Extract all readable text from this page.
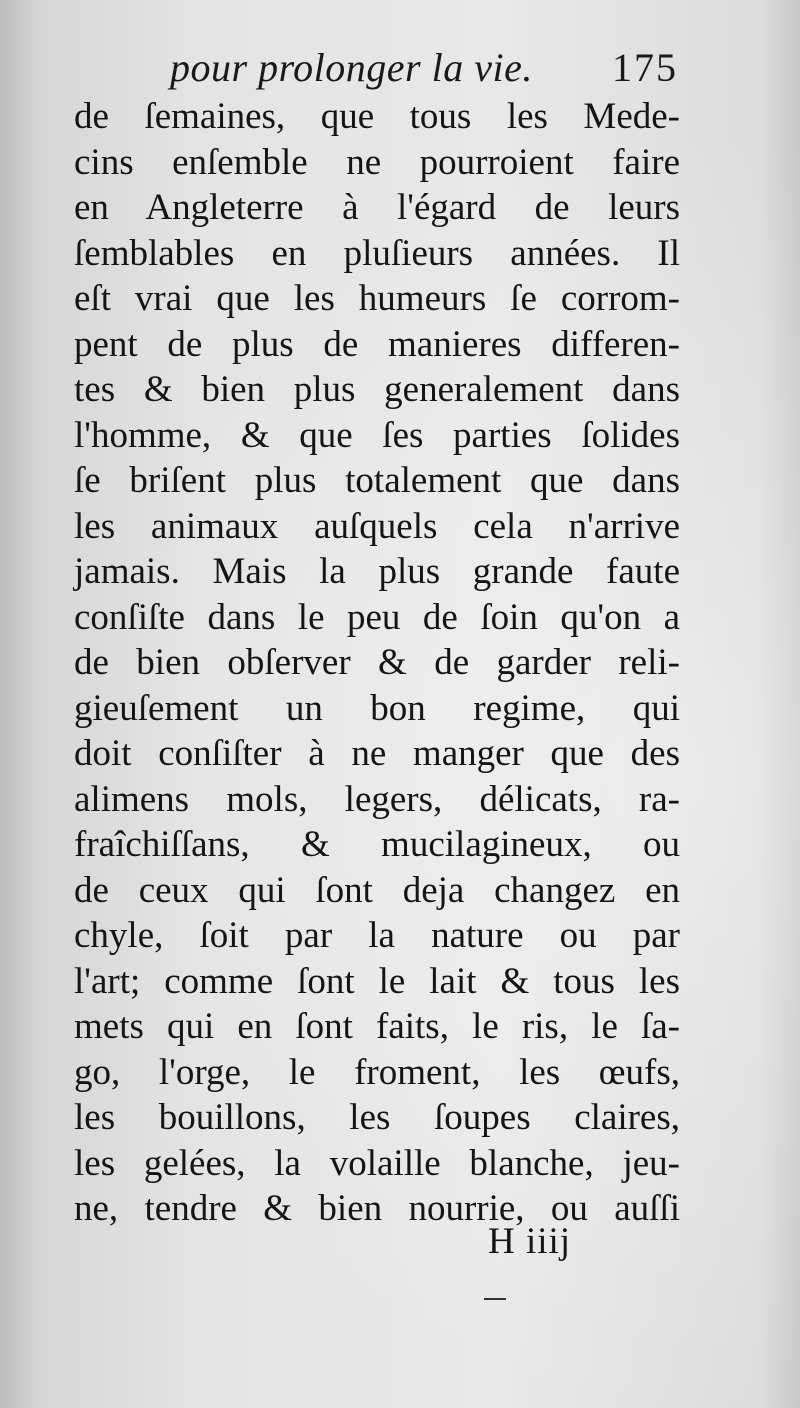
pour prolonger la vie. 175
de ſemaines, que tous les Mede-
cins enſemble ne pourroient faire
en Angleterre à l'égard de leurs
ſemblables en pluſieurs années. Il
eſt vrai que les humeurs ſe corrom-
pent de plus de manieres differen-
tes & bien plus generalement dans
l'homme, & que ſes parties ſolides
ſe briſent plus totalement que dans
les animaux auſquels cela n'arrive
jamais. Mais la plus grande faute
conſiſte dans le peu de ſoin qu'on a
de bien obſerver & de garder reli-
gieuſement un bon regime, qui
doit conſiſter à ne manger que des
alimens mols, legers, délicats, ra-
fraîchiſſans, & mucilagineux, ou
de ceux qui ſont deja changez en
chyle, ſoit par la nature ou par
l'art; comme ſont le lait & tous les
mets qui en ſont faits, le ris, le ſa-
go, l'orge, le froment, les œufs,
les bouillons, les ſoupes claires,
les gelées, la volaille blanche, jeu-
ne, tendre & bien nourrie, ou auſſi
H iiij
